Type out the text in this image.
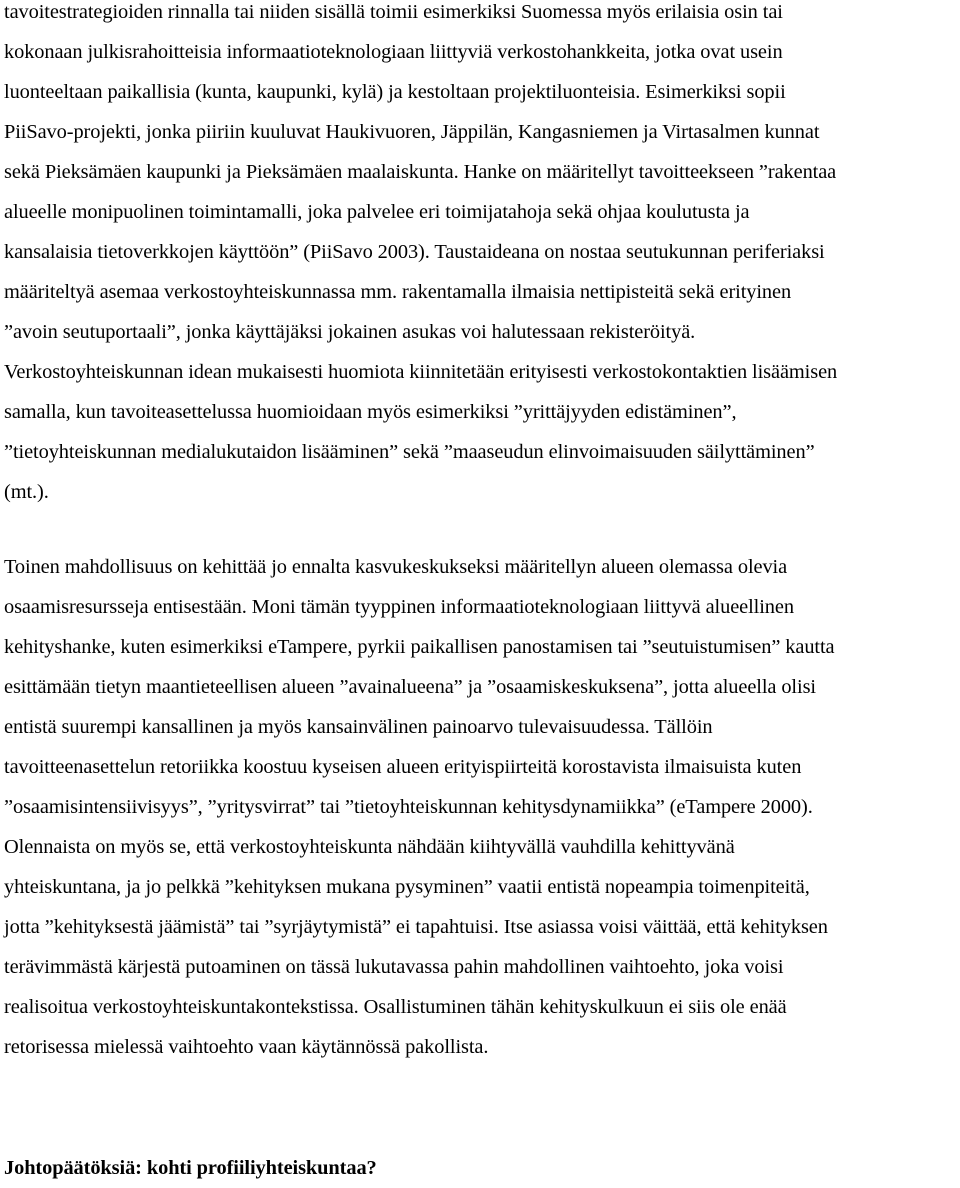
tavoitestrategioiden rinnalla tai niiden sisällä toimii esimerkiksi Suomessa myös erilaisia osin tai
kokonaan julkisrahoitteisia informaatioteknologiaan liittyviä verkostohankkeita, jotka ovat usein
luonteeltaan paikallisia (kunta, kaupunki, kylä) ja kestoltaan projektiluonteisia. Esimerkiksi sopii
PiiSavo-projekti, jonka piiriin kuuluvat Haukivuoren, Jäppilän, Kangasniemen ja Virtasalmen kunnat
sekä Pieksämäen kaupunki ja Pieksämäen maalaiskunta. Hanke on määritellyt tavoitteekseen ”rakentaa
alueelle monipuolinen toimintamalli, joka palvelee eri toimijatahoja sekä ohjaa koulutusta ja
kansalaisia tietoverkkojen käyttöön” (PiiSavo 2003). Taustaideana on nostaa seutukunnan periferiaksi
määriteltyä asemaa verkostoyhteiskunnassa mm. rakentamalla ilmaisia nettipisteitä sekä erityinen
”avoin seutuportaali”, jonka käyttäjäksi jokainen asukas voi halutessaan rekisteröityä.
Verkostoyhteiskunnan idean mukaisesti huomiota kiinnitetään erityisesti verkostokontaktien lisäämisen
samalla, kun tavoiteasettelussa huomioidaan myös esimerkiksi ”yrittäjyyden edistäminen”,
”tietoyhteiskunnan medialukutaidon lisääminen” sekä ”maaseudun elinvoimaisuuden säilyttäminen”
(mt.).
Toinen mahdollisuus on kehittää jo ennalta kasvukeskukseksi määritellyn alueen olemassa olevia
osaamisresursseja entisestään. Moni tämän tyyppinen informaatioteknologiaan liittyvä alueellinen
kehityshanke, kuten esimerkiksi eTampere, pyrkii paikallisen panostamisen tai ”seutuistumisen” kautta
esittämään tietyn maantieteellisen alueen ”avainalueena” ja ”osaamiskeskuksena”, jotta alueella olisi
entistä suurempi kansallinen ja myös kansainvälinen painoarvo tulevaisuudessa. Tällöin
tavoitteenasettelun retoriikka koostuu kyseisen alueen erityispiirteitä korostavista ilmaisuista kuten
”osaamisintensiivisyys”, ”yritysvirrat” tai ”tietoyhteiskunnan kehitysdynamiikka” (eTampere 2000).
Olennaista on myös se, että verkostoyhteiskunta nähdään kiihtyvällä vauhdilla kehittyvänä
yhteiskuntana, ja jo pelkkä ”kehityksen mukana pysyminen” vaatii entistä nopeampia toimenpiteitä,
jotta ”kehityksestä jäämistä” tai ”syrjäytymistä” ei tapahtuisi. Itse asiassa voisi väittää, että kehityksen
terävimmästä kärjestä putoaminen on tässä lukutavassa pahin mahdollinen vaihtoehto, joka voisi
realisoitua verkostoyhteiskuntakontekstissa. Osallistuminen tähän kehityskulkuun ei siis ole enää
retorisessa mielessä vaihtoehto vaan käytännössä pakollista.
Johtopäätöksiä: kohti profiiliyhteiskuntaa?
